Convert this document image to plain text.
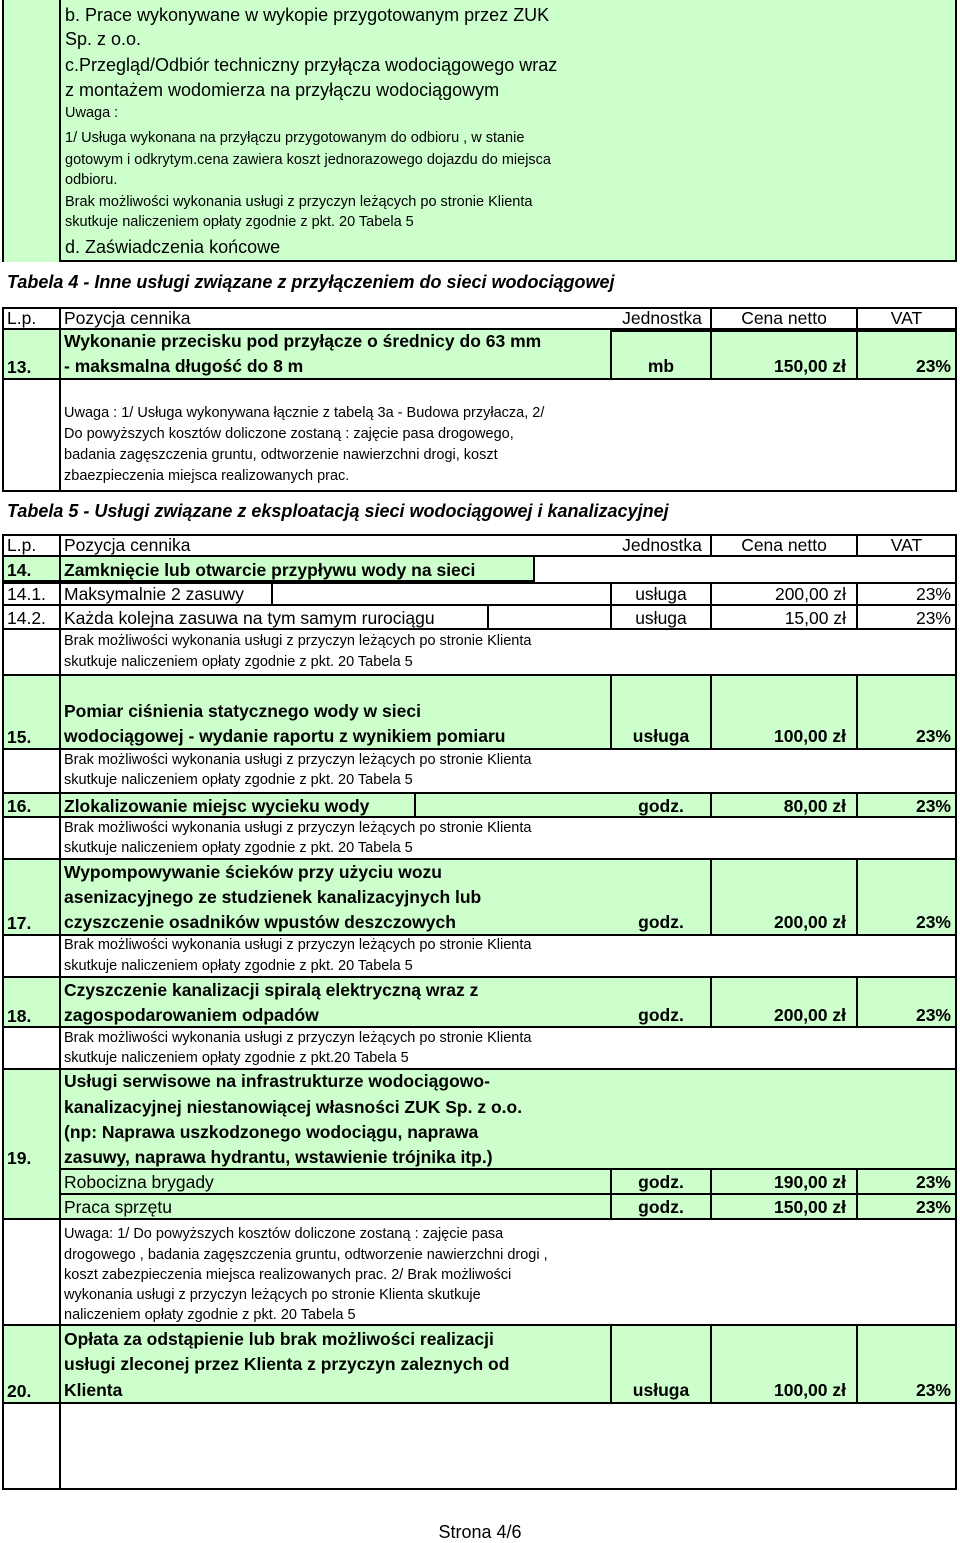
b. Prace wykonywane w wykopie przygotowanym przez ZUK
Sp. z o.o.
c.Przegląd/Odbiór techniczny przyłącza wodociągowego wraz
z montażem wodomierza na przyłączu wodociągowym
Uwaga :
1/ Usługa wykonana na przyłączu przygotowanym do odbioru , w stanie
gotowym i odkrytym.cena zawiera koszt jednorazowego dojazdu do miejsca
odbioru.
Brak możliwości wykonania usługi z przyczyn leżących po stronie Klienta
skutkuje naliczeniem opłaty zgodnie z pkt. 20 Tabela 5
d. Zaświadczenia końcowe
Tabela 4 - Inne usługi związane z przyłączeniem do sieci wodociągowej
L.p. Pozycja cennika	Jednostka	Cena netto	VAT
13.
Wykonanie przecisku pod przyłącze o średnicy do 63 mm
- maksmalna długość do 8 m	mb	150,00 zł	23%
Uwaga : 1/ Usługa wykonywana łącznie z tabelą 3a - Budowa przyłacza, 2/
Do powyższych kosztów doliczone zostaną : zajęcie pasa drogowego,
badania zagęszczenia gruntu, odtworzenie nawierzchni drogi, koszt
zbaezpieczenia miejsca realizowanych prac.
Tabela 5 - Usługi związane z eksploatacją sieci wodociągowej i kanalizacyjnej
L.p. Pozycja cennika	Jednostka	Cena netto	VAT
14. Zamknięcie lub otwarcie przypływu wody na sieci
14.1. Maksymalnie 2 zasuwy	usługa	200,00 zł	23%
14.2. Każda kolejna zasuwa na tym samym rurociągu	usługa	15,00 zł	23%
Brak możliwości wykonania usługi z przyczyn leżących po stronie Klienta
skutkuje naliczeniem opłaty zgodnie z pkt. 20 Tabela 5
15.
Pomiar ciśnienia statycznego wody w sieci
wodociągowej - wydanie raportu z wynikiem pomiaru	usługa	100,00 zł	23%
Brak możliwości wykonania usługi z przyczyn leżących po stronie Klienta
skutkuje naliczeniem opłaty zgodnie z pkt. 20 Tabela 5
16. Zlokalizowanie miejsc wycieku wody	godz.	80,00 zł	23%
Brak możliwości wykonania usługi z przyczyn leżących po stronie Klienta
skutkuje naliczeniem opłaty zgodnie z pkt. 20 Tabela 5
17.
Wypompowywanie ścieków przy użyciu wozu
asenizacyjnego ze studzienek kanalizacyjnych lub
czyszczenie osadników wpustów deszczowych	godz.	200,00 zł	23%
Brak możliwości wykonania usługi z przyczyn leżących po stronie Klienta
skutkuje naliczeniem opłaty zgodnie z pkt. 20 Tabela 5
18.
Czyszczenie kanalizacji spiralą elektryczną wraz z
zagospodarowaniem odpadów	godz.	200,00 zł	23%
Brak możliwości wykonania usługi z przyczyn leżących po stronie Klienta
skutkuje naliczeniem opłaty zgodnie z pkt.20 Tabela 5
19.
Usługi serwisowe na infrastrukturze wodociągowo-
kanalizacyjnej niestanowiącej własności ZUK Sp. z o.o.
(np: Naprawa uszkodzonego wodociągu, naprawa
zasuwy, naprawa hydrantu, wstawienie trójnika itp.)
Robocizna brygady	godz.	190,00 zł	23%
Praca sprzętu	godz.	150,00 zł	23%
Uwaga: 1/ Do powyższych kosztów doliczone zostaną : zajęcie pasa
drogowego , badania zagęszczenia gruntu, odtworzenie nawierzchni drogi ,
koszt zabezpieczenia miejsca realizowanych prac. 2/ Brak możliwości
wykonania usługi z przyczyn leżących po stronie Klienta skutkuje
naliczeniem opłaty zgodnie z pkt. 20 Tabela 5
20.
Opłata za odstąpienie lub brak możliwości realizacji
usługi zleconej przez Klienta z przyczyn zaleznych od
Klienta	usługa	100,00 zł	23%
Strona 4/6
